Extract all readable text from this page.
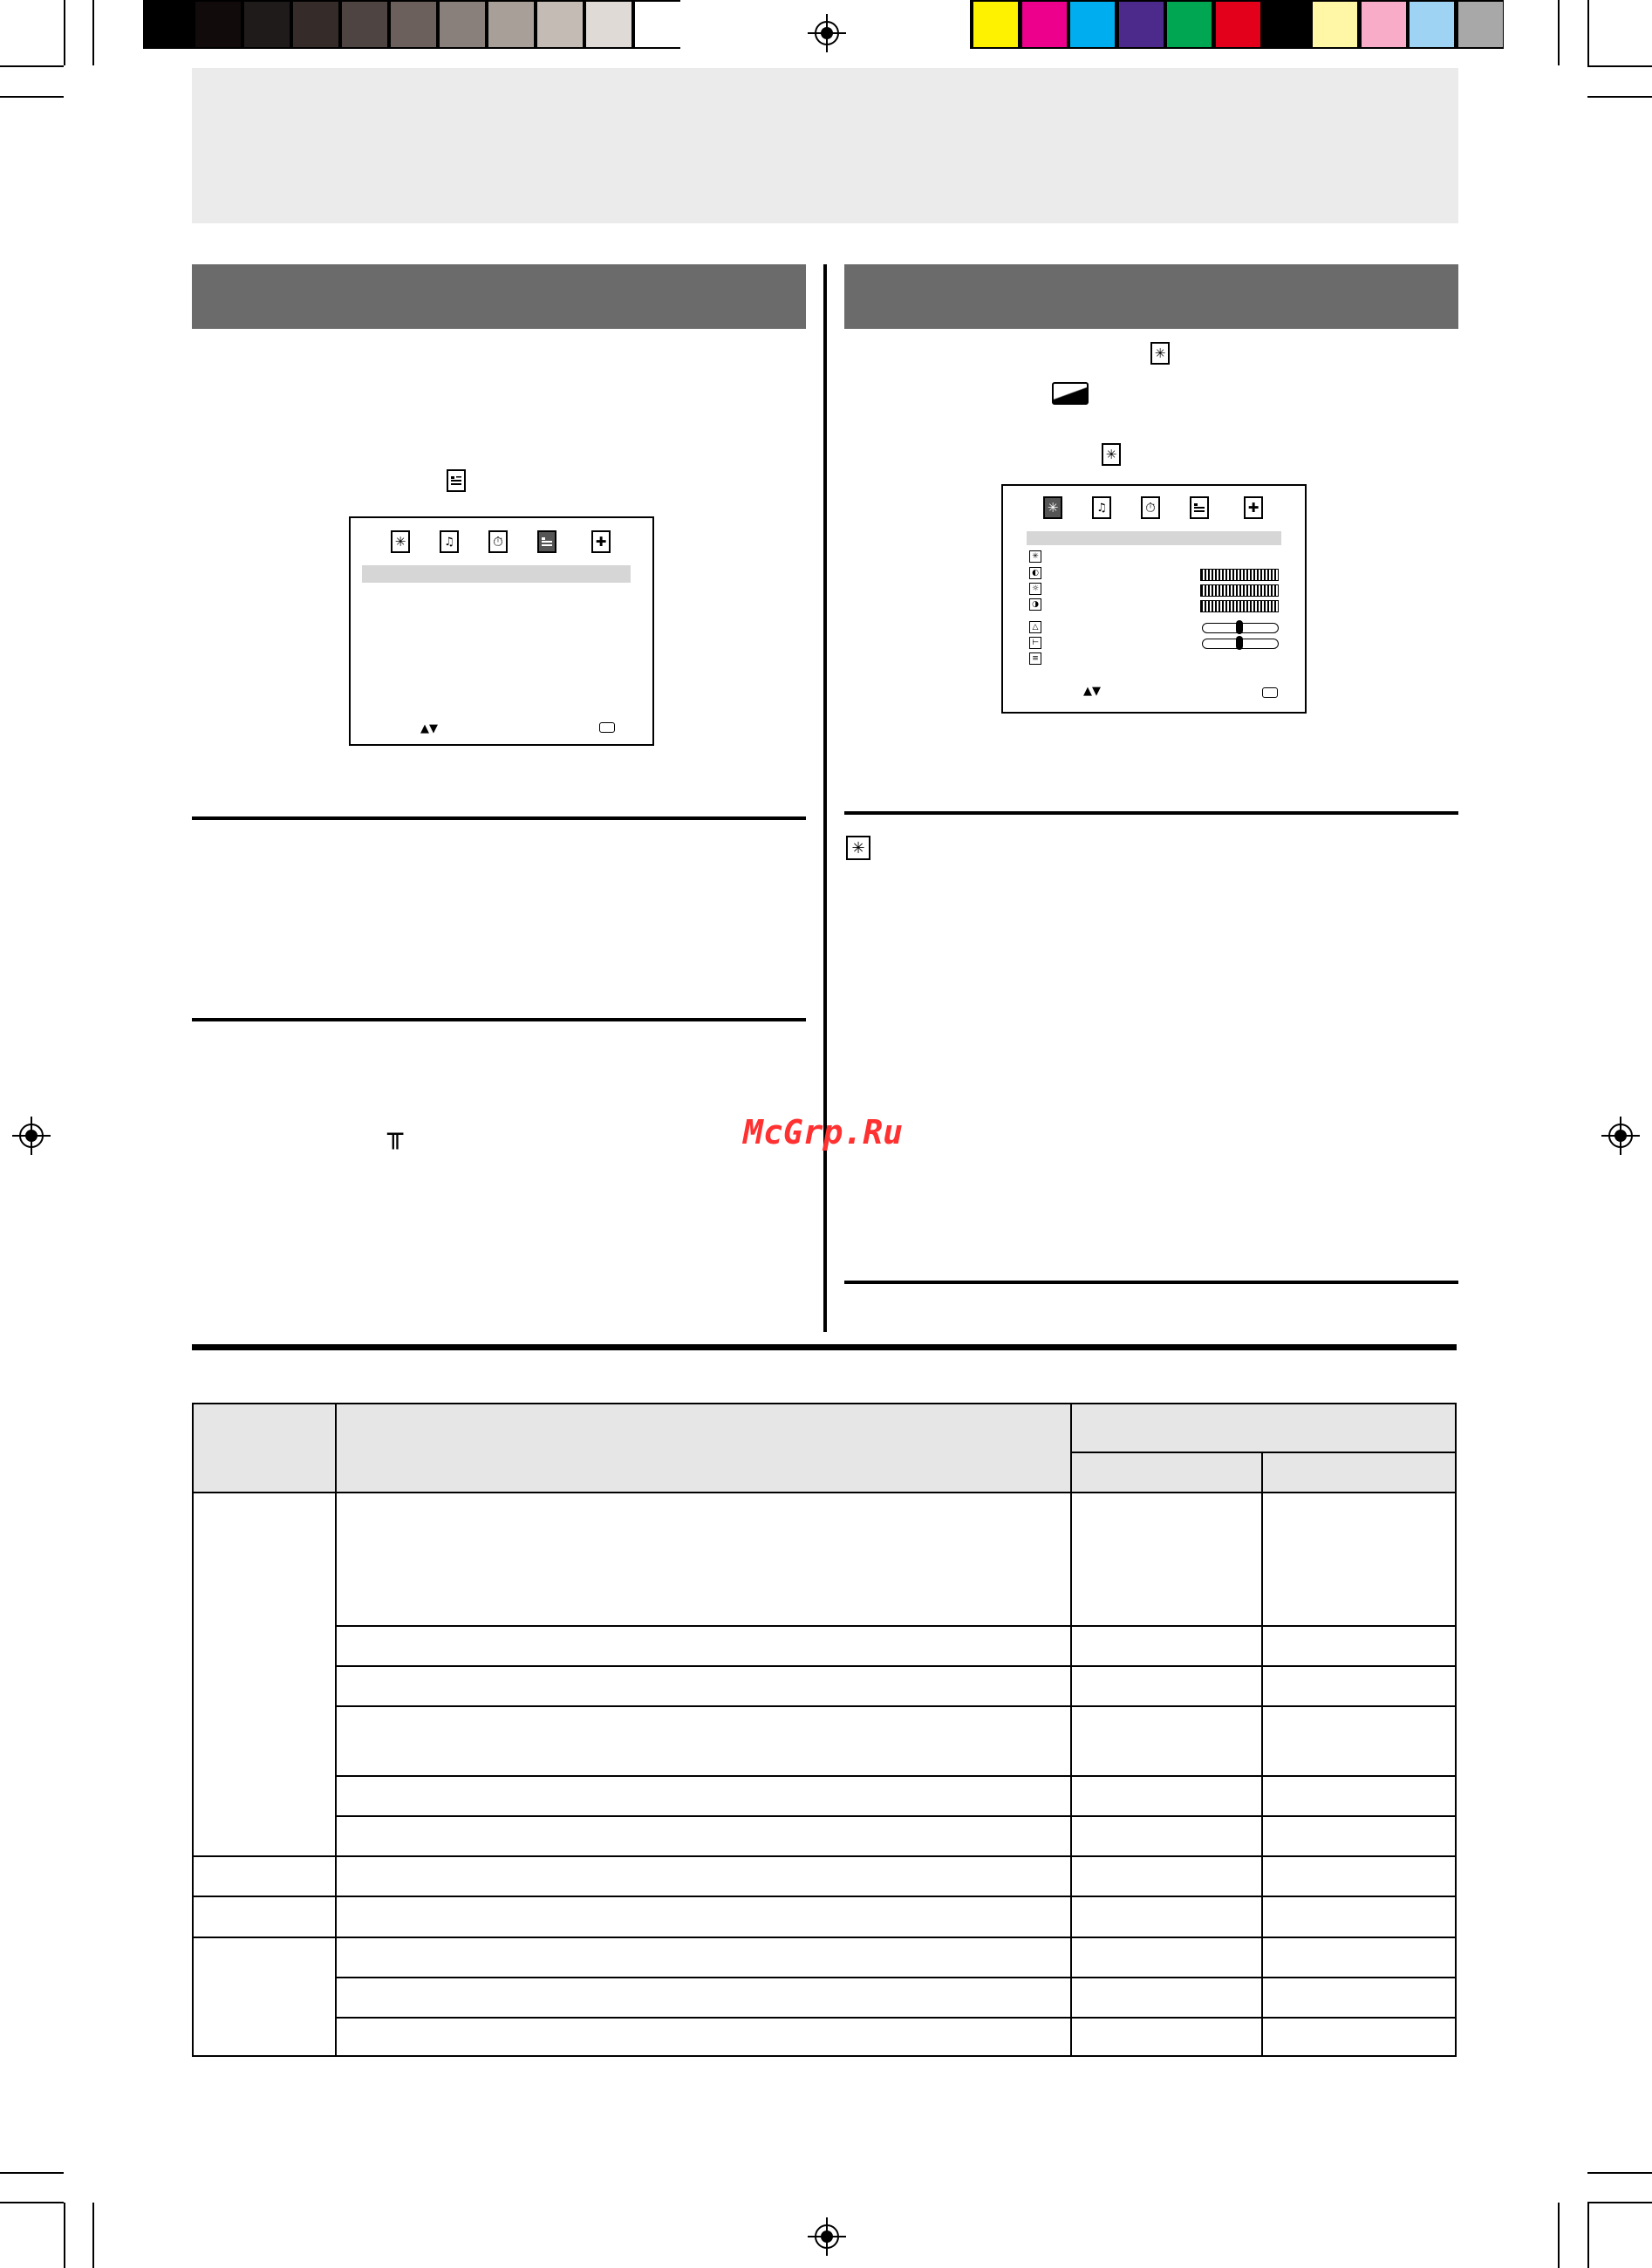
✳	♫	⏱	✚
▲▼
╥	McGrp.Ru
✳
✳
✳	♫	⏱	✚
✳
◐
☼
◑
△
⊢
≡
▲▼
✳
